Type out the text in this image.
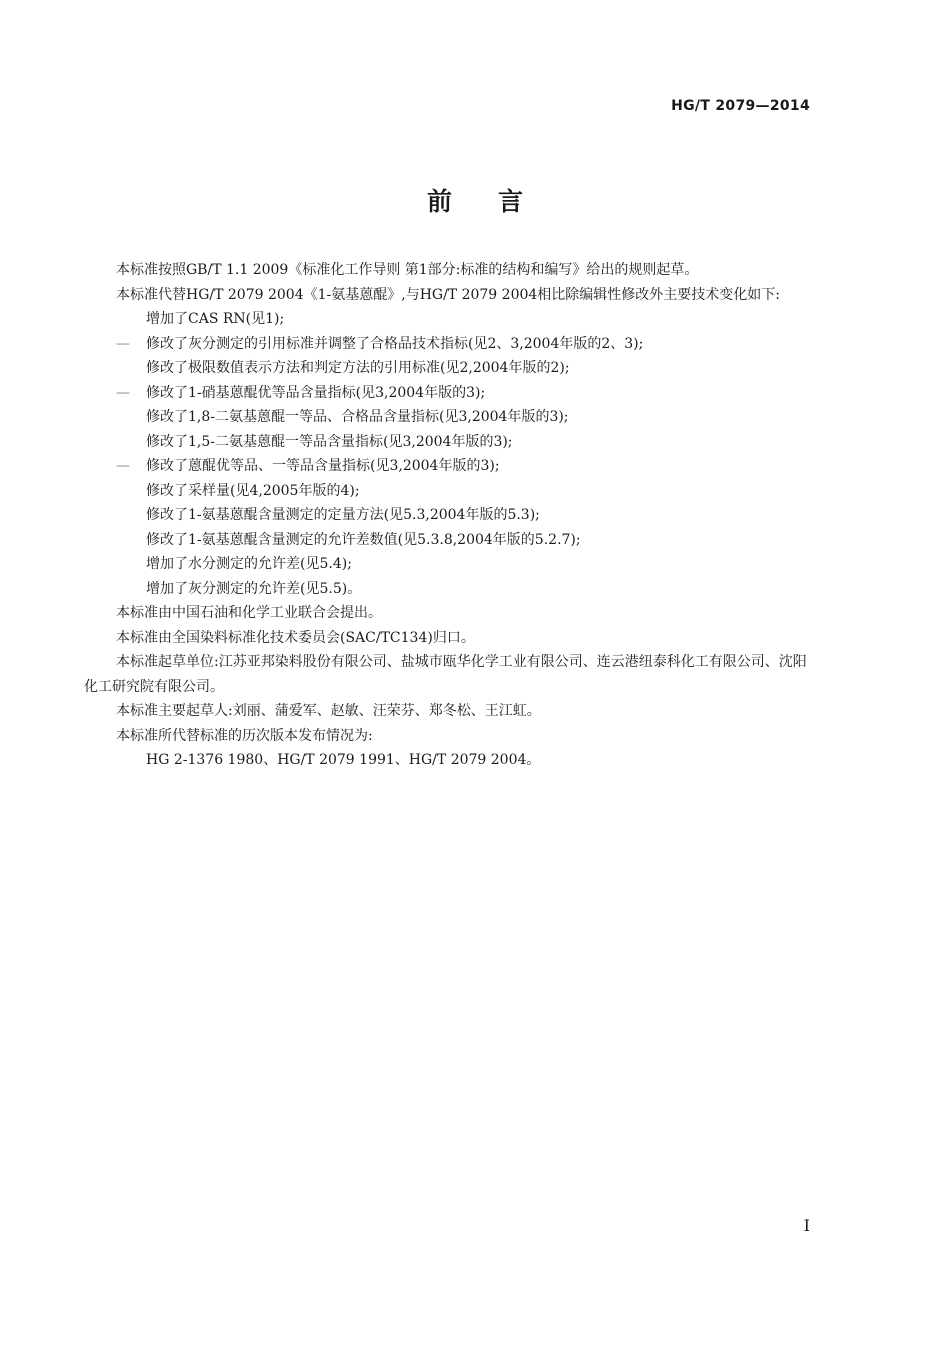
HG/T 2079—2014
前 言

本标准按照GB/T 1.1 2009《标准化工作导则 第1部分:标准的结构和编写》给出的规则起草。

本标准代替HG/T 2079 2004《1-氨基蒽醌》,与HG/T 2079 2004相比除编辑性修改外主要技术变化如下:

增加了CAS RN(见1);

— 修改了灰分测定的引用标准并调整了合格品技术指标(见2、3,2004年版的2、3);

修改了极限数值表示方法和判定方法的引用标准(见2,2004年版的2);

— 修改了1-硝基蒽醌优等品含量指标(见3,2004年版的3);

修改了1,8-二氨基蒽醌一等品、合格品含量指标(见3,2004年版的3);

修改了1,5-二氨基蒽醌一等品含量指标(见3,2004年版的3);

— 修改了蒽醌优等品、一等品含量指标(见3,2004年版的3);

修改了采样量(见4,2005年版的4);

修改了1-氨基蒽醌含量测定的定量方法(见5.3,2004年版的5.3);

修改了1-氨基蒽醌含量测定的允许差数值(见5.3.8,2004年版的5.2.7);

增加了水分测定的允许差(见5.4);

增加了灰分测定的允许差(见5.5)。

本标准由中国石油和化学工业联合会提出。

本标准由全国染料标准化技术委员会(SAC/TC134)归口。

本标准起草单位:江苏亚邦染料股份有限公司、盐城市瓯华化学工业有限公司、连云港纽泰科化工有限公司、沈阳化工研究院有限公司。

本标准主要起草人:刘丽、蒲爱军、赵敏、汪荣芬、郑冬松、王江虹。

本标准所代替标准的历次版本发布情况为:

HG 2-1376 1980、HG/T 2079 1991、HG/T 2079 2004。

I
